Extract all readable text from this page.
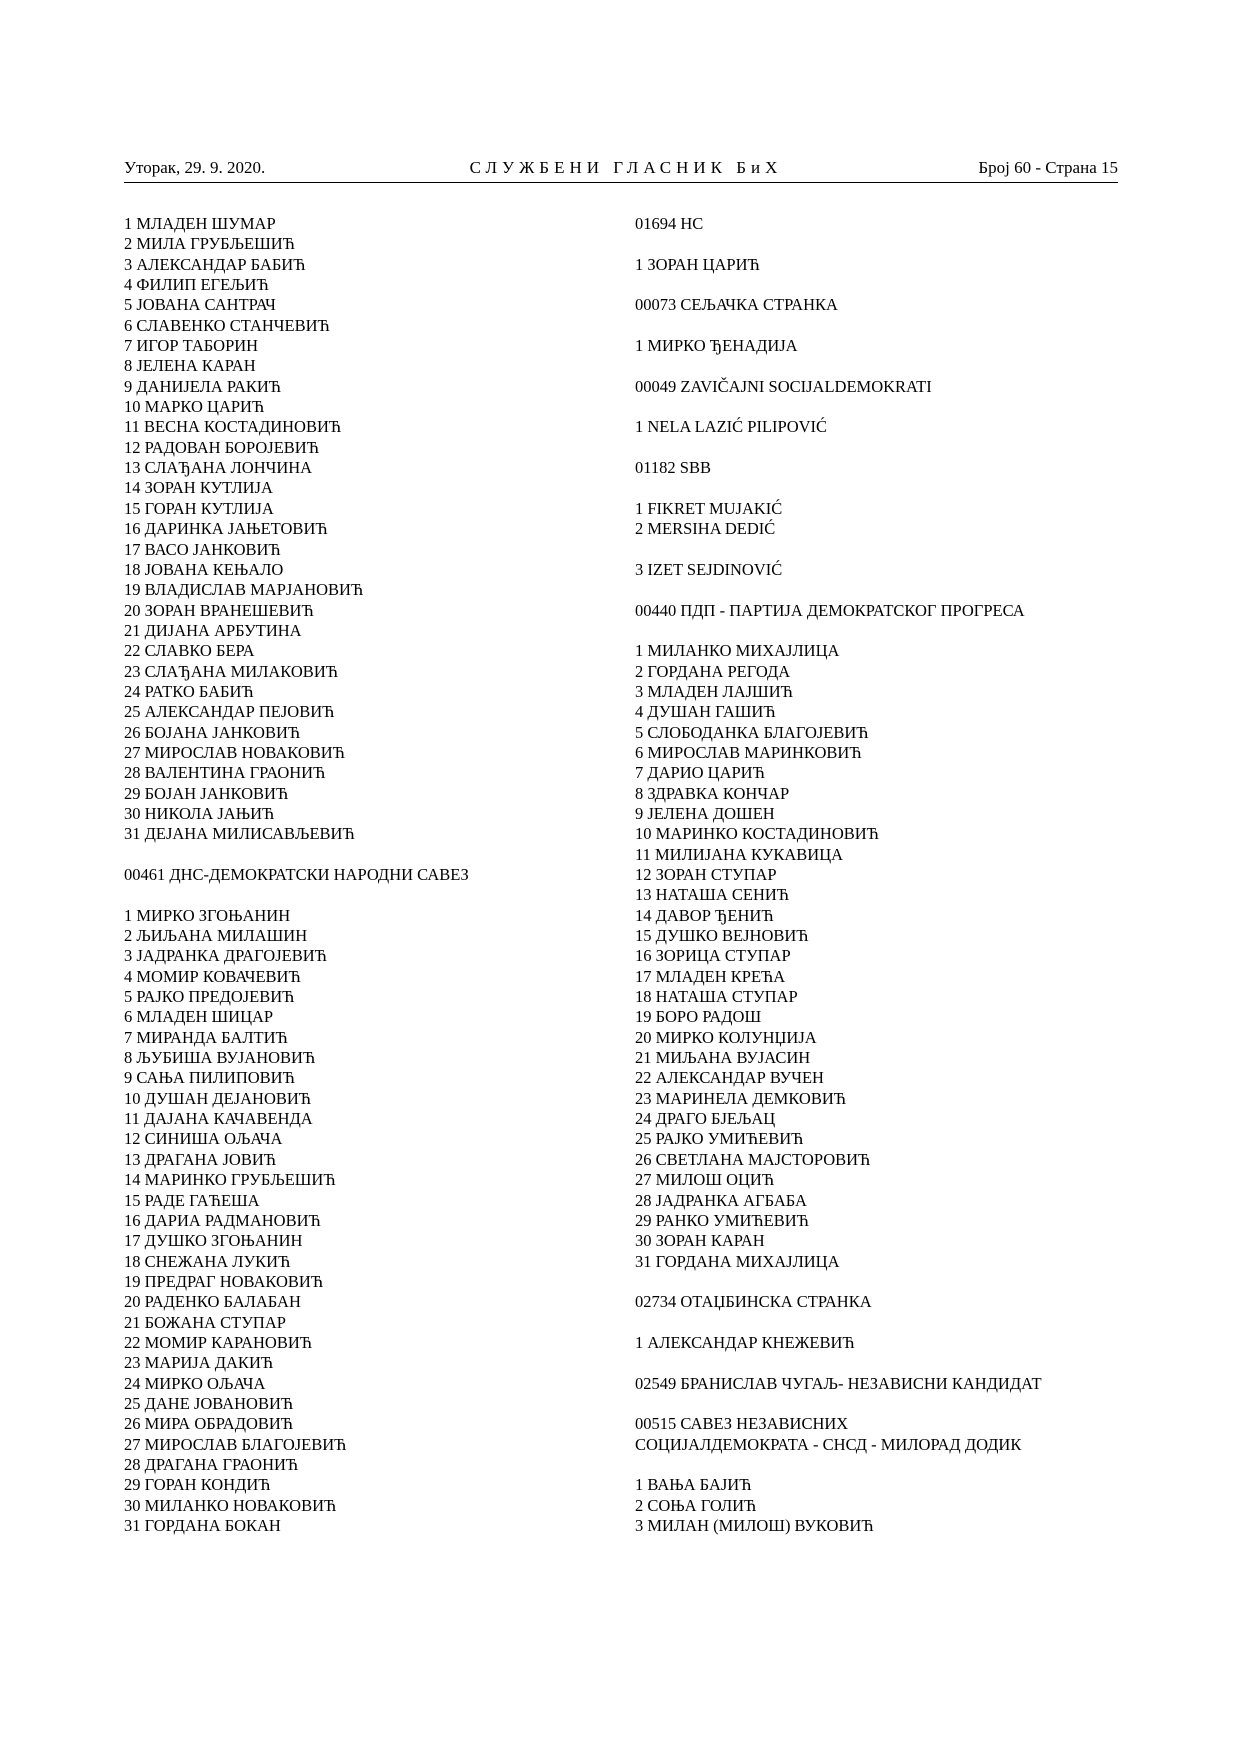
Уторак, 29. 9. 2020.	СЛУЖБЕНИ ГЛАСНИК БиХ	Број 60 - Страна 15
1 МЛАДЕН ШУМАР
2 МИЛА ГРУБЉЕШИЋ
3 АЛЕКСАНДАР БАБИЋ
4 ФИЛИП ЕГЕЉИЋ
5 ЈОВАНА САНТРАЧ
6 СЛАВЕНКО СТАНЧЕВИЋ
7 ИГОР ТАБОРИН
8 ЈЕЛЕНА КАРАН
9 ДАНИЈЕЛА РАКИЋ
10 МАРКО ЦАРИЋ
11 ВЕСНА КОСТАДИНОВИЋ
12 РАДОВАН БОРОЈЕВИЋ
13 СЛАЂАНА ЛОНЧИНА
14 ЗОРАН КУТЛИЈА
15 ГОРАН КУТЛИЈА
16 ДАРИНКА ЈАЊЕТОВИЋ
17 ВАСО ЈАНКОВИЋ
18 ЈОВАНА КЕЊАЛО
19 ВЛАДИСЛАВ МАРЈАНОВИЋ
20 ЗОРАН ВРАНЕШЕВИЋ
21 ДИЈАНА АРБУТИНА
22 СЛАВКО БЕРА
23 СЛАЂАНА МИЛАКОВИЋ
24 РАТКО БАБИЋ
25 АЛЕКСАНДАР ПЕЈОВИЋ
26 БОЈАНА ЈАНКОВИЋ
27 МИРОСЛАВ НОВАКОВИЋ
28 ВАЛЕНТИНА ГРАОНИЋ
29 БОЈАН ЈАНКОВИЋ
30 НИКОЛА ЈАЊИЋ
31 ДЕЈАНА МИЛИСАВЉЕВИЋ
00461 ДНС-ДЕМОКРАТСКИ НАРОДНИ САВЕЗ
1 МИРКО ЗГОЊАНИН
2 ЉИЉАНА МИЛАШИН
3 ЈАДРАНКА ДРАГОЈЕВИЋ
4 МОМИР КОВАЧЕВИЋ
5 РАЈКО ПРЕДОЈЕВИЋ
6 МЛАДЕН ШИЦАР
7 МИРАНДА БАЛТИЋ
8 ЉУБИША ВУЈАНОВИЋ
9 САЊА ПИЛИПОВИЋ
10 ДУШАН ДЕЈАНОВИЋ
11 ДАЈАНА КАЧАВЕНДА
12 СИНИША ОЉАЧА
13 ДРАГАНА ЈОВИЋ
14 МАРИНКО ГРУБЉЕШИЋ
15 РАДЕ ГАЋЕША
16 ДАРИА РАДМАНОВИЋ
17 ДУШКО ЗГОЊАНИН
18 СНЕЖАНА ЛУКИЋ
19 ПРЕДРАГ НОВАКОВИЋ
20 РАДЕНКО БАЛАБАН
21 БОЖАНА СТУПАР
22 МОМИР КАРАНОВИЋ
23 МАРИЈА ДАКИЋ
24 МИРКО ОЉАЧА
25 ДАНЕ ЈОВАНОВИЋ
26 МИРА ОБРАДОВИЋ
27 МИРОСЛАВ БЛАГОЈЕВИЋ
28 ДРАГАНА ГРАОНИЋ
29 ГОРАН КОНДИЋ
30 МИЛАНКО НОВАКОВИЋ
31 ГОРДАНА БОКАН
01694 НС
1 ЗОРАН ЦАРИЋ
00073 СЕЉАЧКА СТРАНКА
1 МИРКО ЂЕНАДИЈА
00049 ZAVIČAJNI SOCIJALDEMOKRATI
1 NELA LAZIĆ PILIPOVIĆ
01182 SBB
1 FIKRET MUJAKIĆ
2 MERSIHA DEDIĆ
3 IZET SEJDINOVIĆ
00440 ПДП - ПАРТИЈА ДЕМОКРАТСКОГ ПРОГРЕСА
1 МИЛАНКО МИХАЈЛИЦА
2 ГОРДАНА РЕГОДА
3 МЛАДЕН ЛАЈШИЋ
4 ДУШАН ГАШИЋ
5 СЛОБОДАНКА БЛАГОЈЕВИЋ
6 МИРОСЛАВ МАРИНКОВИЋ
7 ДАРИО ЦАРИЋ
8 ЗДРАВКА КОНЧАР
9 ЈЕЛЕНА ДОШЕН
10 МАРИНКО КОСТАДИНОВИЋ
11 МИЛИЈАНА КУКАВИЦА
12 ЗОРАН СТУПАР
13 НАТАША СЕНИЋ
14 ДАВОР ЂЕНИЋ
15 ДУШКО ВЕЈНОВИЋ
16 ЗОРИЦА СТУПАР
17 МЛАДЕН КРЕЋА
18 НАТАША СТУПАР
19 БОРО РАДОШ
20 МИРКО КОЛУНЏИЈА
21 МИЉАНА ВУЈАСИН
22 АЛЕКСАНДАР ВУЧЕН
23 МАРИНЕЛА ДЕМКОВИЋ
24 ДРАГО БЈЕЉАЦ
25 РАЈКО УМИЋЕВИЋ
26 СВЕТЛАНА МАЈСТОРОВИЋ
27 МИЛОШ ОЦИЋ
28 ЈАДРАНКА АГБАБА
29 РАНКО УМИЋЕВИЋ
30 ЗОРАН КАРАН
31 ГОРДАНА МИХАЈЛИЦА
02734 ОТАЏБИНСКА СТРАНКА
1 АЛЕКСАНДАР КНЕЖЕВИЋ
02549 БРАНИСЛАВ ЧУГАЉ- НЕЗАВИСНИ КАНДИДАТ
00515 САВЕЗ НЕЗАВИСНИХ
СОЦИЈАЛДЕМОКРАТА - СНСД - МИЛОРАД ДОДИК
1 ВАЊА БАЈИЋ
2 СОЊА ГОЛИЋ
3 МИЛАН (МИЛОШ) ВУКОВИЋ
